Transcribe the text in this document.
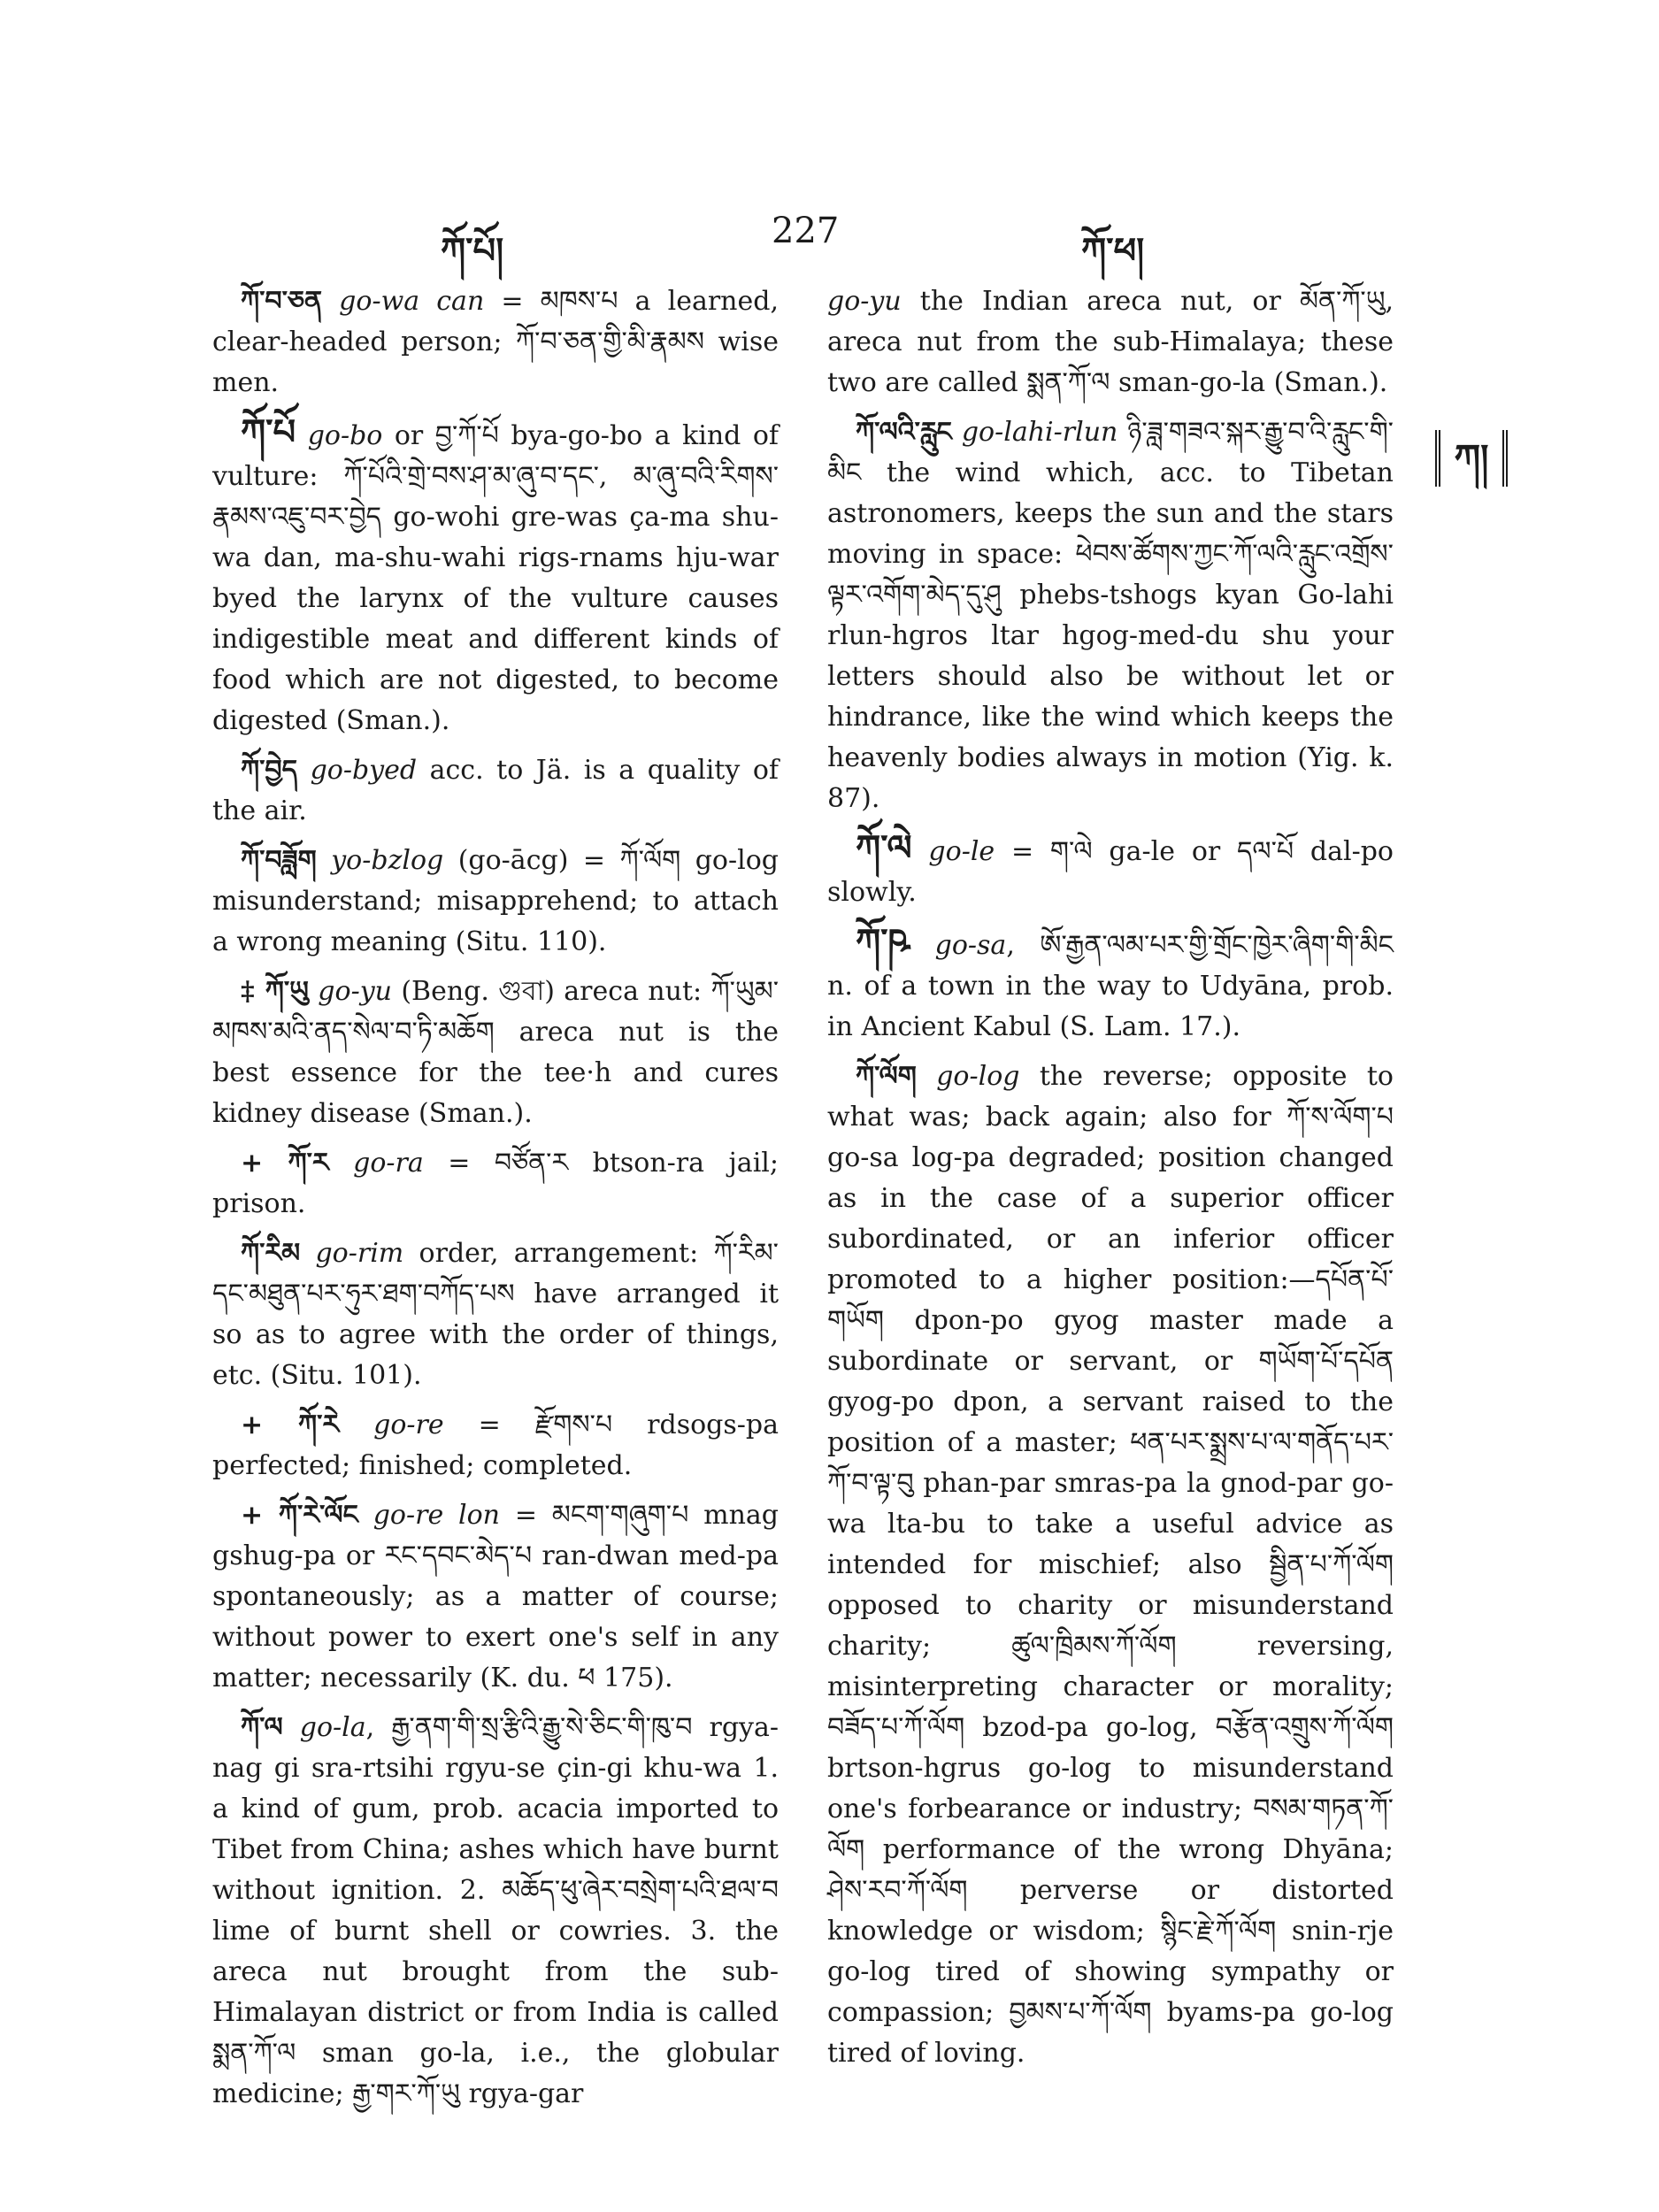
ཀོ་པོ།	227	ཀོ་ཕ།
ཀ།

ཀོ་བ་ཅན go-wa can = མཁས་པ a learned, clear-headed person; ཀོ་བ་ཅན་གྱི་མི་རྣམས wise men.

ཀོ་པོ go-bo or བྱ་ཀོ་པོ bya-go-bo a kind of vulture: ཀོ་པོའི་གྲེ་བས་ཤ་མ་ཞུ་བ་དང་, མ་ཞུ་བའི་རིགས་རྣམས་འཇུ་བར་བྱེད go-wohi gre-was ça-ma shu-wa dan, ma-shu-wahi rigs-rnams hju-war byed the larynx of the vulture causes indigestible meat and different kinds of food which are not digested, to become digested (Sman.).

ཀོ་བྱེད go-byed acc. to Jä. is a quality of the air.

ཀོ་བཟློག yo-bzlog (go-ācg) = ཀོ་ལོག go-log misunderstand; misapprehend; to attach a wrong meaning (Situ. 110).

‡ ཀོ་ཡུ go-yu (Beng. গুবা) areca nut: ཀོ་ཡུམ་མཁས་མའི་ནད་སེལ་བ་ཏི་མཆོག areca nut is the best essence for the tee·h and cures kidney disease (Sman.).

+ ཀོ་ར go-ra = བཙོན་ར btson-ra jail; prison.

ཀོ་རིམ go-rim order, arrangement: ཀོ་རིམ་དང་མཐུན་པར་ཧུར་ཐག་བཀོད་པས have arranged it so as to agree with the order of things, etc. (Situ. 101).

+ ཀོ་རེ go-re = རྫོགས་པ rdsogs-pa perfected; finished; completed.

+ ཀོ་རེ་ལོང go-re lon = མངག་གཞུག་པ mnag gshug-pa or རང་དབང་མེད་པ ran-dwan med-pa spontaneously; as a matter of course; without power to exert one's self in any matter; necessarily (K. du. ཕ 175).

ཀོ་ལ go-la, རྒྱ་ནག་གི་སྲ་རྩིའི་རྒྱུ་སེ་ཅིང་གི་ཁུ་བ rgya-nag gi sra-rtsihi rgyu-se çin-gi khu-wa 1. a kind of gum, prob. acacia imported to Tibet from China; ashes which have burnt without ignition. 2. མཆོད་ཕུ་ཞེར་བསྲེག་པའི་ཐལ་བ lime of burnt shell or cowries. 3. the areca nut brought from the sub-Himalayan district or from India is called སྨན་ཀོ་ལ sman go-la, i.e., the globular medicine; རྒྱ་གར་ཀོ་ཡུ rgya-gar

go-yu the Indian areca nut, or མོན་ཀོ་ཡུ, areca nut from the sub-Himalaya; these two are called སྨན་ཀོ་ལ sman-go-la (Sman.).

ཀོ་ལའི་རླུང go-lahi-rlun ཉི་ཟླ་གཟའ་སྐར་རྒྱུ་བ་འི་རླུང་གི་མིང the wind which, acc. to Tibetan astronomers, keeps the sun and the stars moving in space: ཕེབས་ཚོགས་ཀྱང་ཀོ་ལའི་རླུང་འགྲོས་ལྟར་འགོག་མེད་དུ་ཤུ phebs-tshogs kyan Go-lahi rlun-hgros ltar hgog-med-du shu your letters should also be without let or hindrance, like the wind which keeps the heavenly bodies always in motion (Yig. k. 87).

ཀོ་ལེ go-le = ག་ལེ ga-le or དལ་པོ dal-po slowly.

ཀོ་ཥ go-sa, ཨོ་རྒྱན་ལམ་པར་གྱི་གྲོང་ཁྱེར་ཞིག་གི་མིང n. of a town in the way to Udyāna, prob. in Ancient Kabul (S. Lam. 17.).

ཀོ་ལོག go-log the reverse; opposite to what was; back again; also for ཀོ་ས་ལོག་པ go-sa log-pa degraded; position changed as in the case of a superior officer subordinated, or an inferior officer promoted to a higher position:—དཔོན་པོ་གཡོག dpon-po gyog master made a subordinate or servant, or གཡོག་པོ་དཔོན gyog-po dpon, a servant raised to the position of a master; ཕན་པར་སྨྲས་པ་ལ་གནོད་པར་ཀོ་བ་ལྟ་བུ phan-par smras-pa la gnod-par go-wa lta-bu to take a useful advice as intended for mischief; also སྦྱིན་པ་ཀོ་ལོག opposed to charity or misunderstand charity; ཚུལ་ཁྲིམས་ཀོ་ལོག reversing, misinterpreting character or morality; བཟོད་པ་ཀོ་ལོག bzod-pa go-log, བརྩོན་འགྲུས་ཀོ་ལོག brtson-hgrus go-log to misunderstand one's forbearance or industry; བསམ་གཏན་ཀོ་ལོག performance of the wrong Dhyāna; ཤེས་རབ་ཀོ་ལོག perverse or distorted knowledge or wisdom; སྙིང་རྗེ་ཀོ་ལོག snin-rje go-log tired of showing sympathy or compassion; བྱམས་པ་ཀོ་ལོག byams-pa go-log tired of loving.
